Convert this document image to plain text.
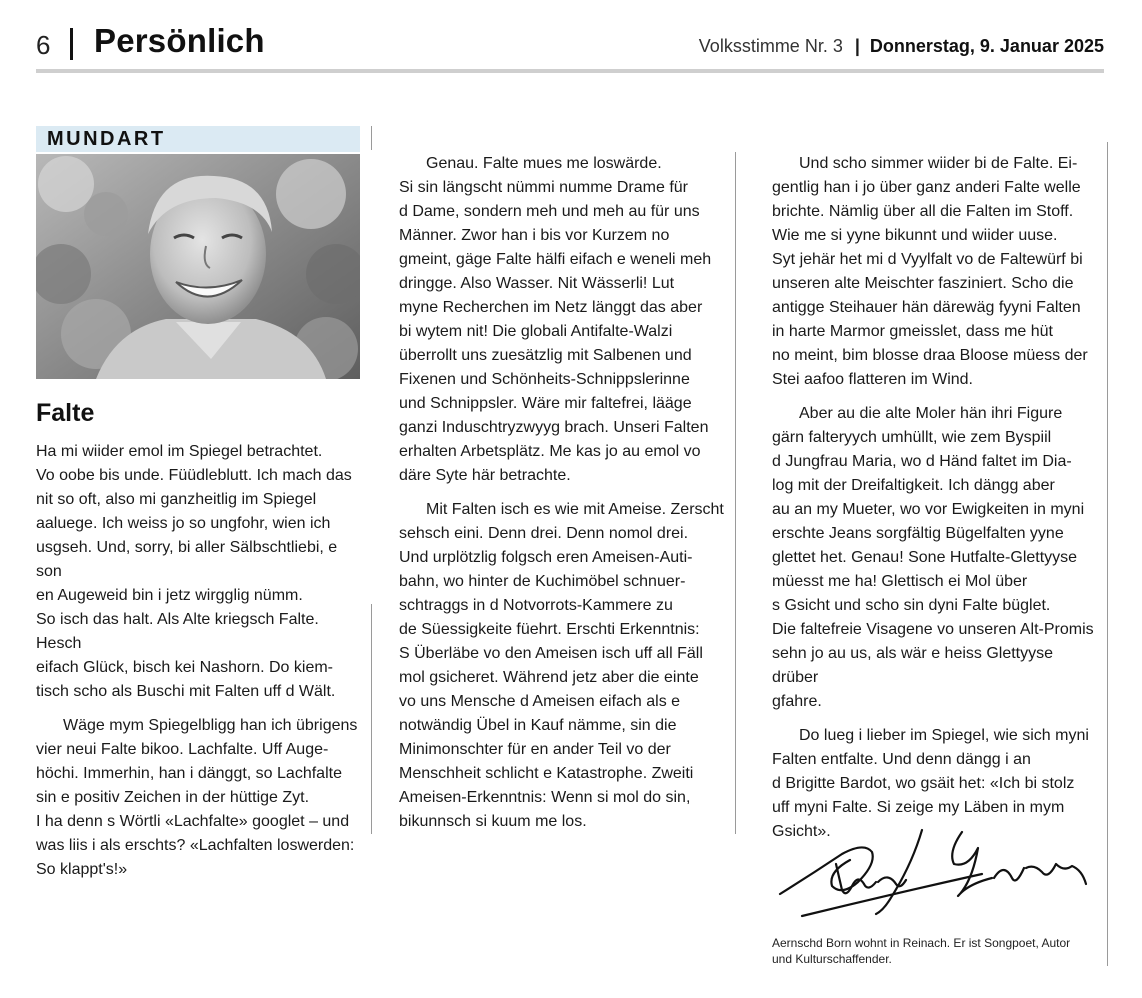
6 Persönlich	Volksstimme Nr. 3 | Donnerstag, 9. Januar 2025
MUNDART
Falte

Ha mi wiider emol im Spiegel betrachtet.
Vo oobe bis unde. Füüdleblutt. Ich mach das
nit so oft, also mi ganzheitlig im Spiegel
aaluege. Ich weiss jo so ungfohr, wien ich
usgseh. Und, sorry, bi aller Sälbschtliebi, e son
en Augeweid bin i jetz wirgglig nümm.
So isch das halt. Als Alte kriegsch Falte. Hesch
eifach Glück, bisch kei Nashorn. Do kiem-
tisch scho als Buschi mit Falten uff d Wält.

Wäge mym Spiegelbligg han ich übrigens
vier neui Falte bikoo. Lachfalte. Uff Auge-
höchi. Immerhin, han i dänggt, so Lachfalte
sin e positiv Zeichen in der hüttige Zyt.
I ha denn s Wörtli «Lachfalte» googlet – und
was liis i als erschts? «Lachfalten loswerden:
So klappt's!»

Genau. Falte mues me loswärde.
Si sin längscht nümmi numme Drame für
d Dame, sondern meh und meh au für uns
Männer. Zwor han i bis vor Kurzem no
gmeint, gäge Falte hälfi eifach e weneli meh
dringge. Also Wasser. Nit Wässerli! Lut
myne Recherchen im Netz länggt das aber
bi wytem nit! Die globali Antifalte-Walzi
überrollt uns zuesätzlig mit Salbenen und
Fixenen und Schönheits-Schnippslerinne
und Schnippsler. Wäre mir faltefrei, lääge
ganzi Induschtryzwyyg brach. Unseri Falten
erhalten Arbetsplätz. Me kas jo au emol vo
däre Syte här betrachte.

Mit Falten isch es wie mit Ameise. Zerscht
sehsch eini. Denn drei. Denn nomol drei.
Und urplötzlig folgsch eren Ameisen-Auti-
bahn, wo hinter de Kuchimöbel schnuer-
schtraggs in d Notvorrots-Kammere zu
de Süessigkeite füehrt. Erschti Erkenntnis:
S Überläbe vo den Ameisen isch uff all Fäll
mol gsicheret. Während jetz aber die einte
vo uns Mensche d Ameisen eifach als e
notwändig Übel in Kauf nämme, sin die
Minimonschter für en ander Teil vo der
Menschheit schlicht e Katastrophe. Zweiti
Ameisen-Erkenntnis: Wenn si mol do sin,
bikunnsch si kuum me los.

Und scho simmer wiider bi de Falte. Ei-
gentlig han i jo über ganz anderi Falte welle
brichte. Nämlig über all die Falten im Stoff.
Wie me si yyne bikunnt und wiider uuse.
Syt jehär het mi d Vyylfalt vo de Faltewürf bi
unseren alte Meischter fasziniert. Scho die
antigge Steihauer hän därewäg fyyni Falten
in harte Marmor gmeisslet, dass me hüt
no meint, bim blosse draa Bloose müess der
Stei aafoo flatteren im Wind.

Aber au die alte Moler hän ihri Figure
gärn falteryych umhüllt, wie zem Byspiil
d Jungfrau Maria, wo d Händ faltet im Dia-
log mit der Dreifaltigkeit. Ich dängg aber
au an my Mueter, wo vor Ewigkeiten in myni
erschte Jeans sorgfältig Bügelfalten yyne
glettet het. Genau! Sone Hutfalte-Glettyyse
müesst me ha! Glettisch ei Mol über
s Gsicht und scho sin dyni Falte büglet.
Die faltefreie Visagene vo unseren Alt-Promis
sehn jo au us, als wär e heiss Glettyyse drüber
gfahre.

Do lueg i lieber im Spiegel, wie sich myni
Falten entfalte. Und denn dängg i an
d Brigitte Bardot, wo gsäit het: «Ich bi stolz
uff myni Falte. Si zeige my Läben in mym
Gsicht».

Aernschd Born wohnt in Reinach. Er ist Songpoet, Autor
und Kulturschaffender.
